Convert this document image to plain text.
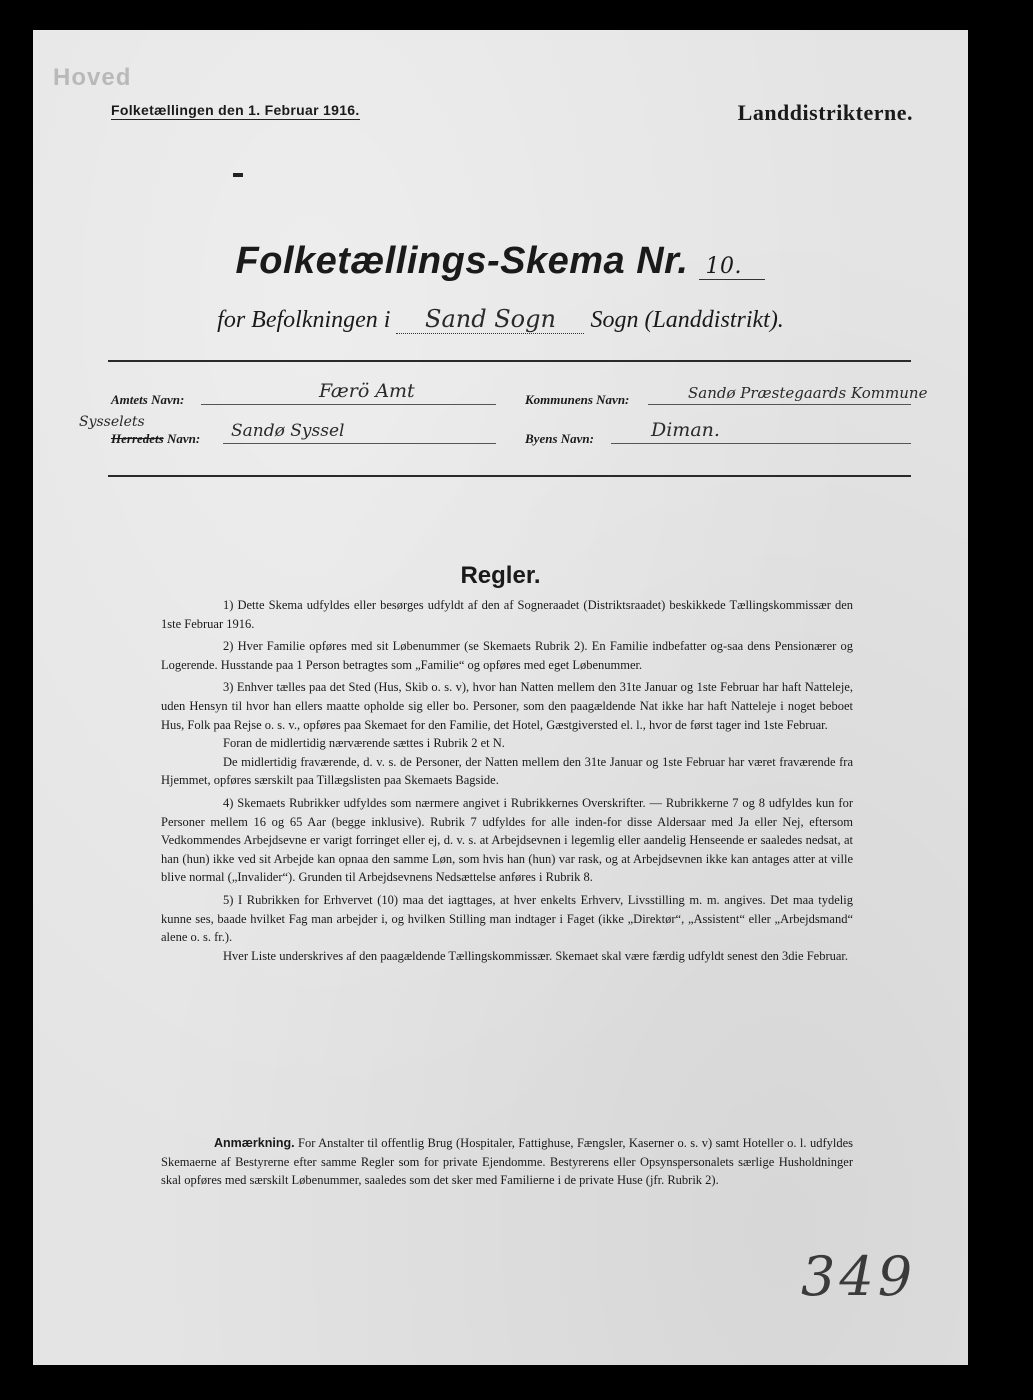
Hoved
Folketællingen den 1. Februar 1916.	Landdistrikterne.
Folketællings-Skema Nr. 10.
for Befolkningen i Sand Sogn Sogn (Landdistrikt).
Amtets Navn:	Færö Amt	Kommunens Navn:	Sandø Præstegaards Kommune
Sysselets
Herredets Navn: Sandø Syssel	Byens Navn:	Diman.
Regler.

1) Dette Skema udfyldes eller besørges udfyldt af den af Sogneraadet (Distriktsraadet) beskikkede Tællingskommissær den 1ste Februar 1916.

2) Hver Familie opføres med sit Løbenummer (se Skemaets Rubrik 2). En Familie indbefatter og-saa dens Pensionærer og Logerende. Husstande paa 1 Person betragtes som „Familie“ og opføres med eget Løbenummer.

3) Enhver tælles paa det Sted (Hus, Skib o. s. v), hvor han Natten mellem den 31te Januar og 1ste Februar har haft Natteleje, uden Hensyn til hvor han ellers maatte opholde sig eller bo. Personer, som den paagældende Nat ikke har haft Natteleje i noget beboet Hus, Folk paa Rejse o. s. v., opføres paa Skemaet for den Familie, det Hotel, Gæstgiversted el. l., hvor de først tager ind 1ste Februar.

Foran de midlertidig nærværende sættes i Rubrik 2 et N.

De midlertidig fraværende, d. v. s. de Personer, der Natten mellem den 31te Januar og 1ste Februar har været fraværende fra Hjemmet, opføres særskilt paa Tillægslisten paa Skemaets Bagside.

4) Skemaets Rubrikker udfyldes som nærmere angivet i Rubrikkernes Overskrifter. — Rubrikkerne 7 og 8 udfyldes kun for Personer mellem 16 og 65 Aar (begge inklusive). Rubrik 7 udfyldes for alle inden-for disse Aldersaar med Ja eller Nej, eftersom Vedkommendes Arbejdsevne er varigt forringet eller ej, d. v. s. at Arbejdsevnen i legemlig eller aandelig Henseende er saaledes nedsat, at han (hun) ikke ved sit Arbejde kan opnaa den samme Løn, som hvis han (hun) var rask, og at Arbejdsevnen ikke kan antages atter at ville blive normal („Invalider“). Grunden til Arbejdsevnens Nedsættelse anføres i Rubrik 8.

5) I Rubrikken for Erhvervet (10) maa det iagttages, at hver enkelts Erhverv, Livsstilling m. m. angives. Det maa tydelig kunne ses, baade hvilket Fag man arbejder i, og hvilken Stilling man indtager i Faget (ikke „Direktør“, „Assistent“ eller „Arbejdsmand“ alene o. s. fr.).

Hver Liste underskrives af den paagældende Tællingskommissær. Skemaet skal være færdig udfyldt senest den 3die Februar.

Anmærkning. For Anstalter til offentlig Brug (Hospitaler, Fattighuse, Fængsler, Kaserner o. s. v) samt Hoteller o. l. udfyldes Skemaerne af Bestyrerne efter samme Regler som for private Ejendomme. Bestyrerens eller Opsynspersonalets særlige Husholdninger skal opføres med særskilt Løbenummer, saaledes som det sker med Familierne i de private Huse (jfr. Rubrik 2).

349
